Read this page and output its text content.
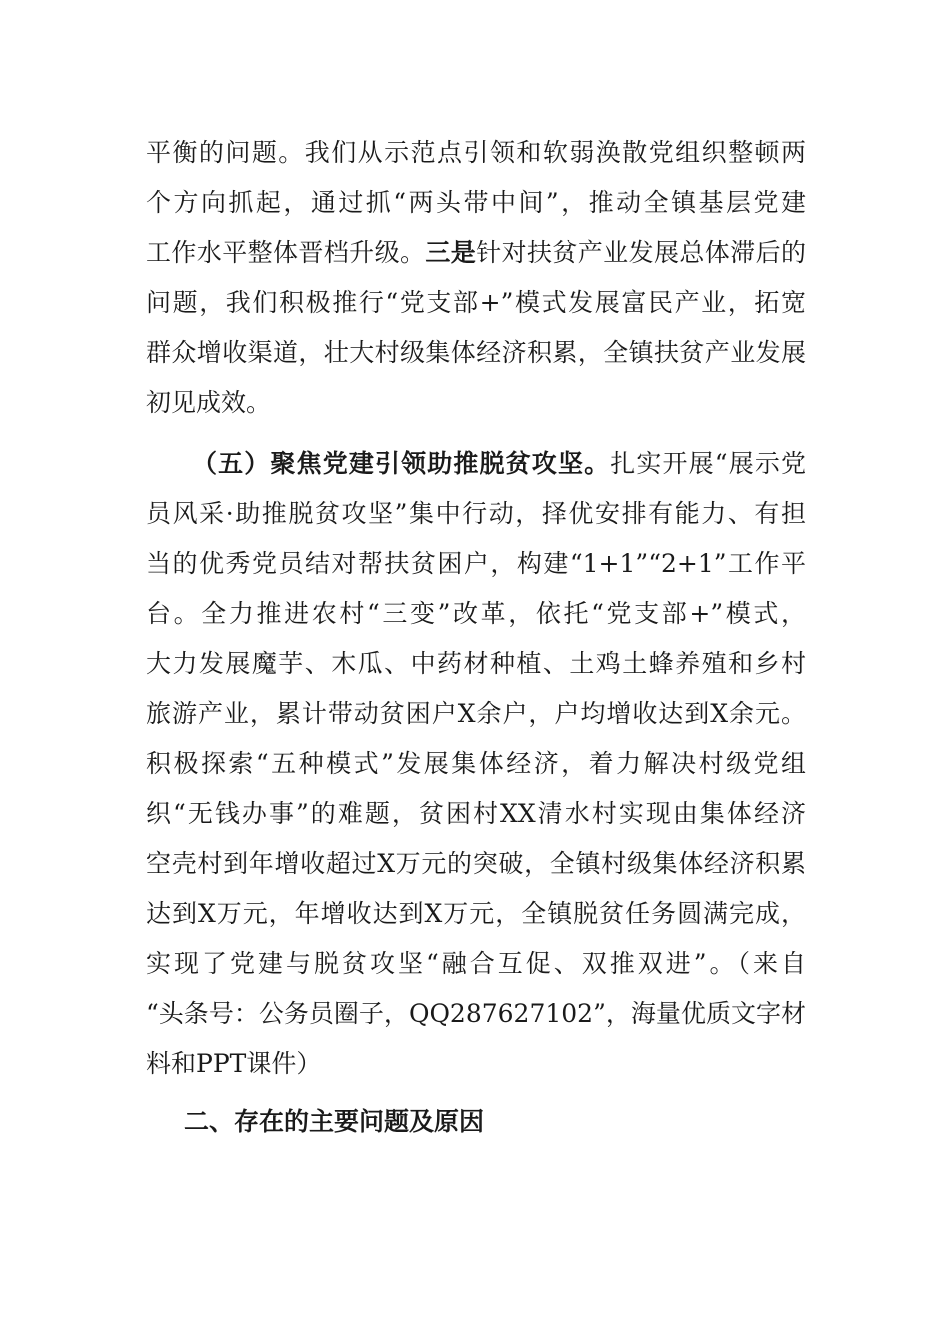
平衡的问题。我们从示范点引领和软弱涣散党组织整顿两
个方向抓起，通过抓“两头带中间”，推动全镇基层党建
工作水平整体晋档升级。三是针对扶贫产业发展总体滞后的
问题，我们积极推行“党支部+”模式发展富民产业，拓宽
群众增收渠道，壮大村级集体经济积累，全镇扶贫产业发展
初见成效。
（五）聚焦党建引领助推脱贫攻坚。扎实开展“展示党
员风采·助推脱贫攻坚”集中行动，择优安排有能力、有担
当的优秀党员结对帮扶贫困户，构建“1+1”“2+1”工作平
台。全力推进农村“三变”改革，依托“党支部+”模式，
大力发展魔芋、木瓜、中药材种植、土鸡土蜂养殖和乡村
旅游产业，累计带动贫困户X余户，户均增收达到X余元。
积极探索“五种模式”发展集体经济，着力解决村级党组
织“无钱办事”的难题，贫困村XX清水村实现由集体经济
空壳村到年增收超过X万元的突破，全镇村级集体经济积累
达到X万元，年增收达到X万元，全镇脱贫任务圆满完成，
实现了党建与脱贫攻坚“融合互促、双推双进”。（来自
“头条号：公务员圈子，QQ287627102”，海量优质文字材
料和PPT课件）
二、存在的主要问题及原因
